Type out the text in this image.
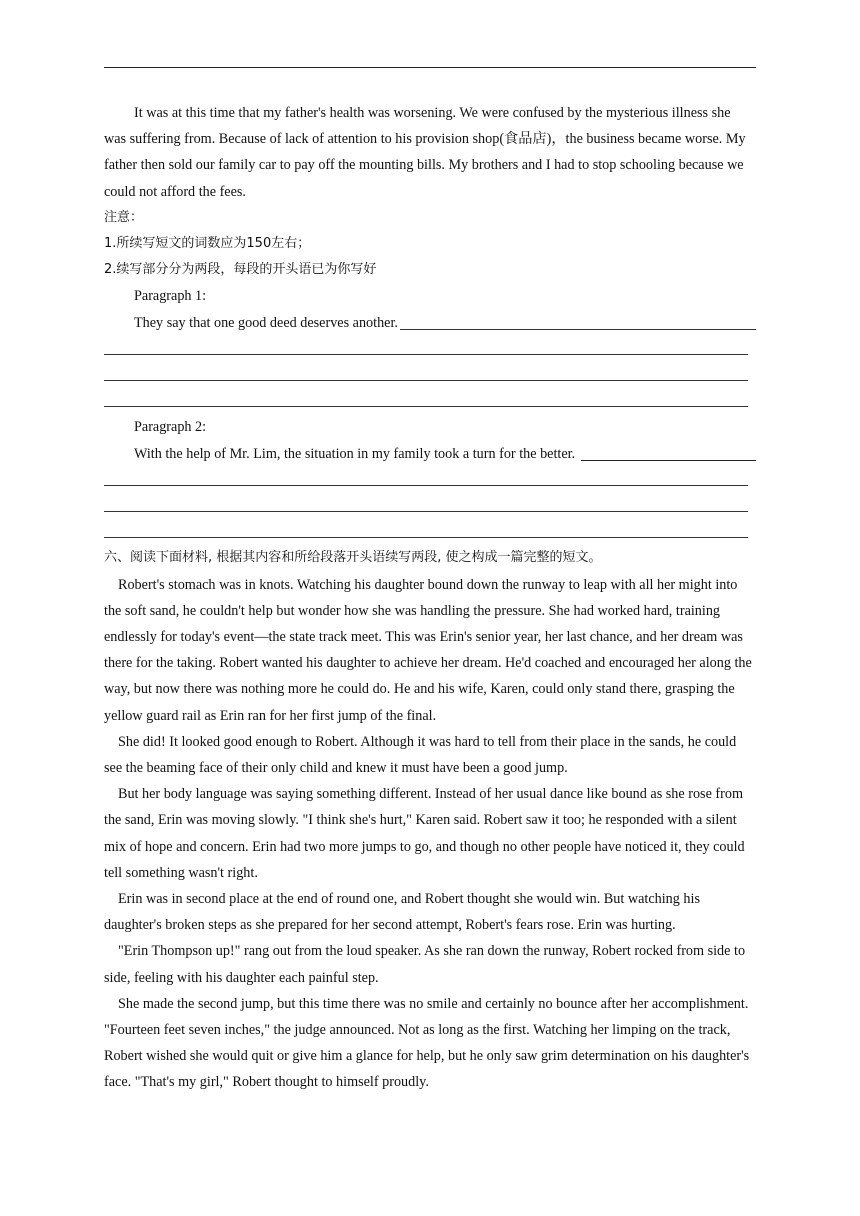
It was at this time that my father's health was worsening. We were confused by the mysterious illness she was suffering from. Because of lack of attention to his provision shop(食品店)，the business became worse. My father then sold our family car to pay off the mounting bills. My brothers and I had to stop schooling because we could not afford the fees.

注意：

1.所续写短文的词数应为150左右；

2.续写部分分为两段，每段的开头语已为你写好

Paragraph 1:

They say that one good deed deserves another.

Paragraph 2:

With the help of Mr. Lim, the situation in my family took a turn for the better.

六、阅读下面材料, 根据其内容和所给段落开头语续写两段, 使之构成一篇完整的短文。

Robert's stomach was in knots. Watching his daughter bound down the runway to leap with all her might into the soft sand, he couldn't help but wonder how she was handling the pressure. She had worked hard, training endlessly for today's event—the state track meet. This was Erin's senior year, her last chance, and her dream was there for the taking. Robert wanted his daughter to achieve her dream. He'd coached and encouraged her along the way, but now there was nothing more he could do. He and his wife, Karen, could only stand there, grasping the yellow guard rail as Erin ran for her first jump of the final.

She did! It looked good enough to Robert. Although it was hard to tell from their place in the sands, he could see the beaming face of their only child and knew it must have been a good jump.

But her body language was saying something different. Instead of her usual dance like bound as she rose from the sand, Erin was moving slowly. "I think she's hurt," Karen said. Robert saw it too; he responded with a silent mix of hope and concern. Erin had two more jumps to go, and though no other people have noticed it, they could tell something wasn't right.

Erin was in second place at the end of round one, and Robert thought she would win. But watching his daughter's broken steps as she prepared for her second attempt, Robert's fears rose. Erin was hurting.

"Erin Thompson up!" rang out from the loud speaker. As she ran down the runway, Robert rocked from side to side, feeling with his daughter each painful step.

She made the second jump, but this time there was no smile and certainly no bounce after her accomplishment. "Fourteen feet seven inches," the judge announced. Not as long as the first. Watching her limping on the track, Robert wished she would quit or give him a glance for help, but he only saw grim determination on his daughter's face. "That's my girl," Robert thought to himself proudly.
